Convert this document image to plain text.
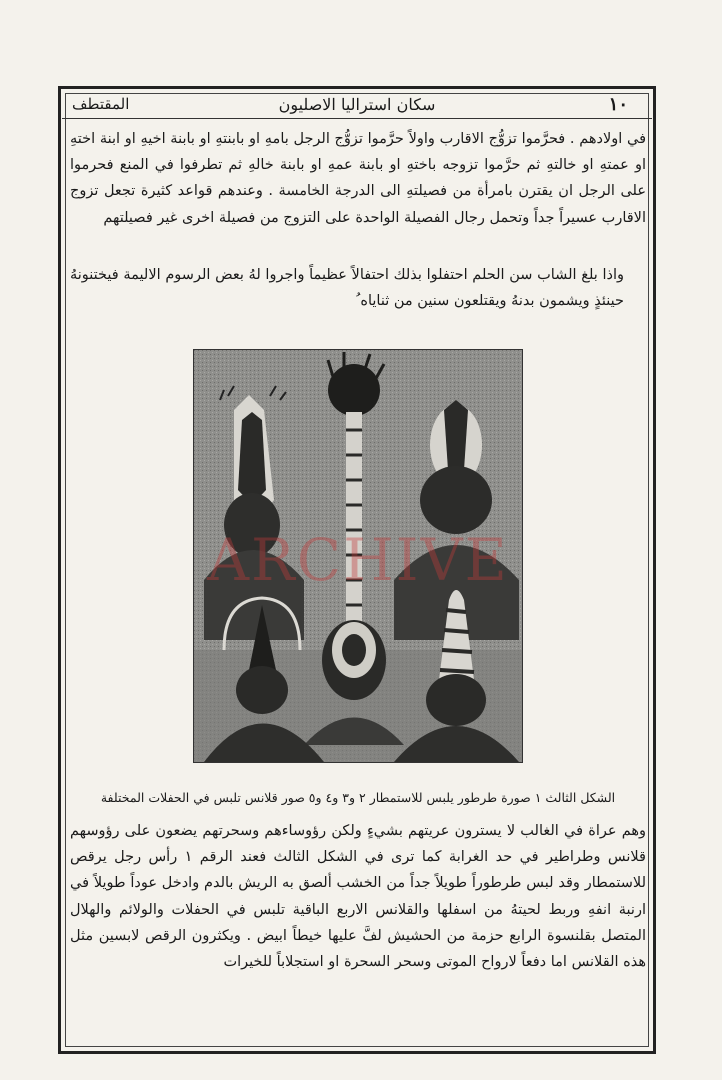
١٠
سكان استراليا الاصليون
المقتطف

في اولادهم . فحرَّموا تزوُّج الاقارب واولاً حرَّموا تزوُّج الرجل بامهِ او بابنتهِ او بابنة اخيهِ او ابنة اختهِ او عمتهِ او خالتهِ ثم حرَّموا تزوجه باختهِ او بابنة عمهِ او بابنة خالهِ ثم تطرفوا في المنع فحرموا على الرجل ان يقترن بامرأة من فصيلتهِ الى الدرجة الخامسة . وعندهم قواعد كثيرة تجعل تزوج الاقارب عسيراً جداً وتحمل رجال الفصيلة الواحدة على التزوج من فصيلة اخرى غير فصيلتهم

واذا بلغ الشاب سن الحلم احتفلوا بذلك احتفالاً عظيماً واجروا لهُ بعض الرسوم الاليمة فيختنونهُ حينئذٍ ويشمون بدنهُ ويقتلعون سنين من ثناياه ُ

ARCHIVE
الشكل الثالث ١ صورة طرطور يلبس للاستمطار ٢ و٣ و٤ و٥ صور قلانس تلبس في الحفلات المختلفة

وهم عراة في الغالب لا يسترون عريتهم بشيءٍ ولكن رؤوساءهم وسحرتهم يضعون على رؤوسهم قلانس وطراطير في حد الغرابة كما ترى في الشكل الثالث فعند الرقم ١ رأس رجل يرقص للاستمطار وقد لبس طرطوراً طويلاً جداً من الخشب ألصق به الريش بالدم وادخل عوداً طويلاً في ارنبة انفهِ وربط لحيتهُ من اسفلها والقلانس الاربع الباقية تلبس في الحفلات والولائم والهلال المتصل بقلنسوة الرابع حزمة من الحشيش لفَّ عليها خيطاً ابيض . ويكثرون الرقص لابسين مثل هذه القلانس اما دفعاً لارواح الموتى وسحر السحرة او استجلاباً للخيرات
